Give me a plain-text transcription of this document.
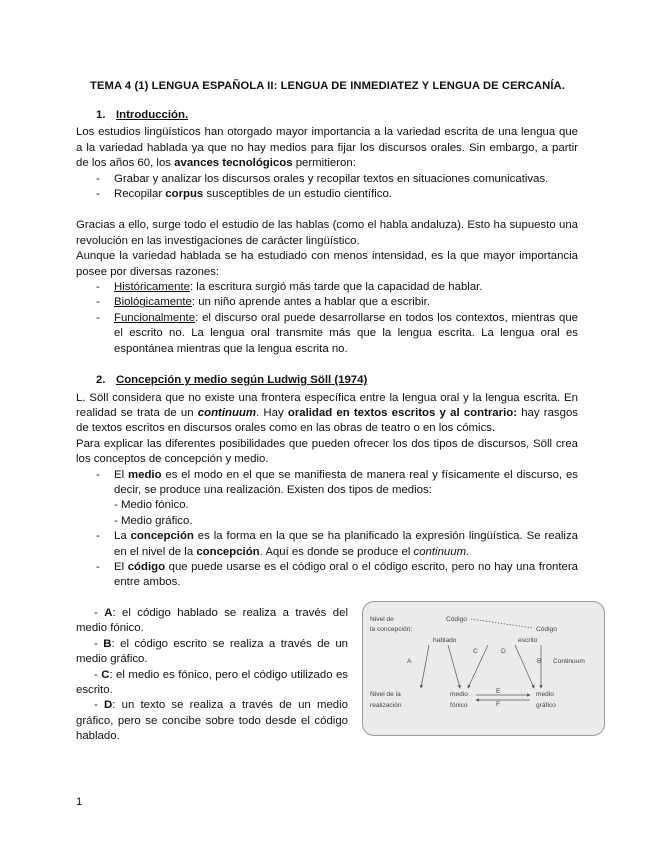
TEMA 4 (1) LENGUA ESPAÑOLA II: LENGUA DE INMEDIATEZ Y LENGUA DE CERCANÍA.
1. Introducción.

Los estudios lingüísticos han otorgado mayor importancia a la variedad escrita de una lengua que a la variedad hablada ya que no hay medios para fijar los discursos orales. Sin embargo, a partir de los años 60, los avances tecnológicos permitieron:

- Grabar y analizar los discursos orales y recopilar textos en situaciones comunicativas.
- Recopilar corpus susceptibles de un estudio científico.

Gracias a ello, surge todo el estudio de las hablas (como el habla andaluza). Esto ha supuesto una revolución en las investigaciones de carácter lingüístico.

Aunque la variedad hablada se ha estudiado con menos intensidad, es la que mayor importancia posee por diversas razones:

- Históricamente: la escritura surgió más tarde que la capacidad de hablar.
- Biológicamente: un niño aprende antes a hablar que a escribir.
- Funcionalmente: el discurso oral puede desarrollarse en todos los contextos, mientras que el escrito no. La lengua oral transmite más que la lengua escrita. La lengua oral es espontánea mientras que la lengua escrita no.
2. Concepción y medio según Ludwig Söll (1974)

L. Söll considera que no existe una frontera específica entre la lengua oral y la lengua escrita. En realidad se trata de un continuum. Hay oralidad en textos escritos y al contrario: hay rasgos de textos escritos en discursos orales como en las obras de teatro o en los cómics.

Para explicar las diferentes posibilidades que pueden ofrecer los dos tipos de discursos, Söll crea los conceptos de concepción y medio.

- El medio es el modo en el que se manifiesta de manera real y físicamente el discurso, es decir, se produce una realización. Existen dos tipos de medios:
- Medio fónico.
- Medio gráfico.
- La concepción es la forma en la que se ha planificado la expresión lingüística. Se realiza en el nivel de la concepción. Aquí es donde se produce el continuum.
- El código que puede usarse es el código oral o el código escrito, pero no hay una frontera entre ambos.

- A: el código hablado se realiza a través del medio fónico.

- B: el código escrito se realiza a través de un medio gráfico.

- C: el medio es fónico, pero el código utilizado es escrito.

- D: un texto se realiza a través de un medio gráfico, pero se concibe sobre todo desde el código hablado.

Nivel de
la concepción:
Código
hablado
Código
escrito
A
C	D
B Continuum
Nivel de la
realización
medio
fónico
medio
gráfico
E
F
1
